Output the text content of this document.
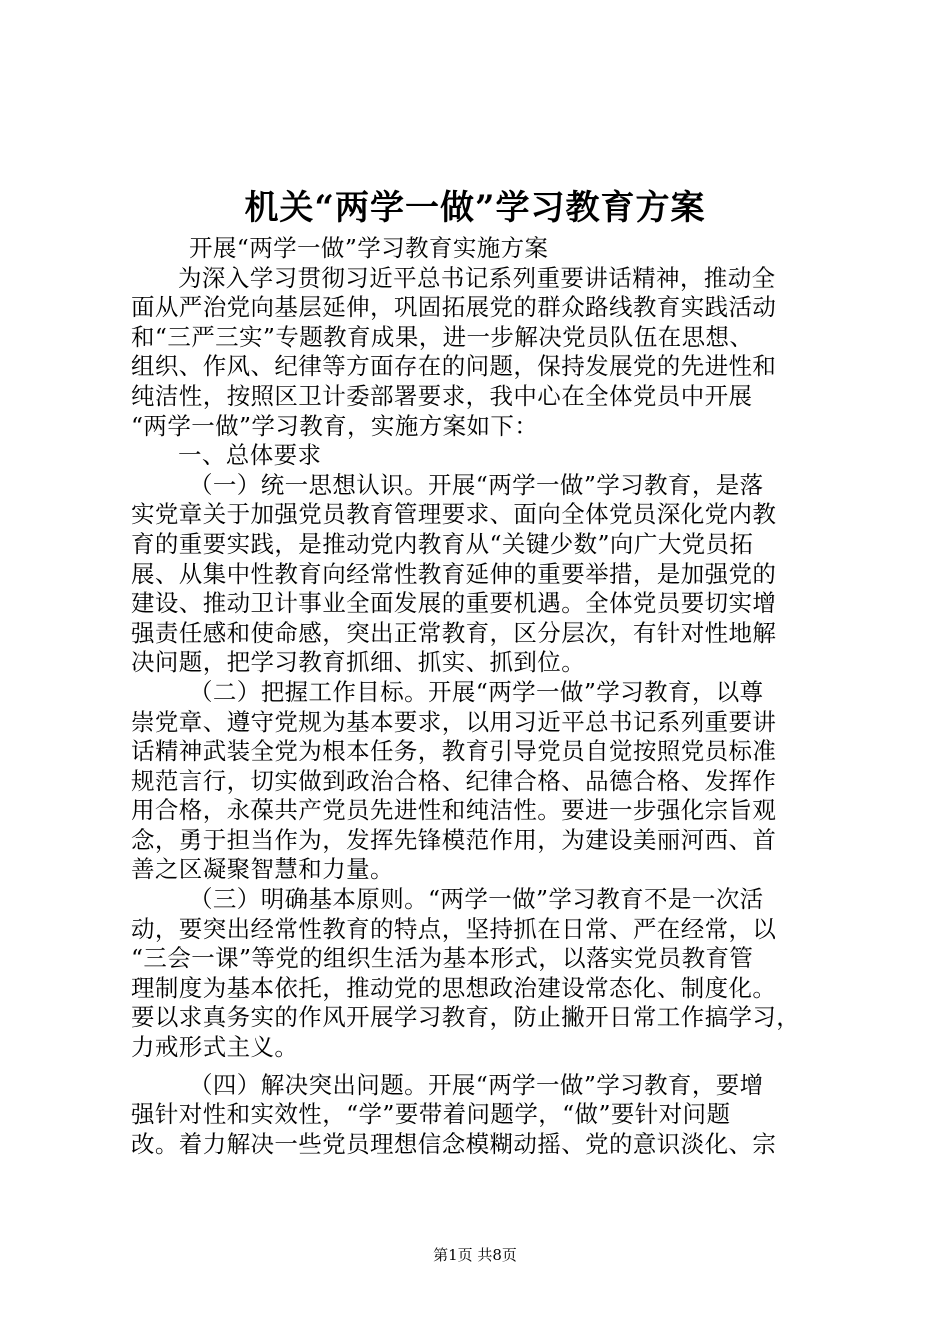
机关“两学一做”学习教育方案
开展“两学一做”学习教育实施方案
为深入学习贯彻习近平总书记系列重要讲话精神，推动全
面从严治党向基层延伸，巩固拓展党的群众路线教育实践活动
和“三严三实”专题教育成果，进一步解决党员队伍在思想、
组织、作风、纪律等方面存在的问题，保持发展党的先进性和
纯洁性，按照区卫计委部署要求，我中心在全体党员中开展
“两学一做”学习教育，实施方案如下：
一、总体要求
（一）统一思想认识。开展“两学一做”学习教育，是落
实党章关于加强党员教育管理要求、面向全体党员深化党内教
育的重要实践，是推动党内教育从“关键少数”向广大党员拓
展、从集中性教育向经常性教育延伸的重要举措，是加强党的
建设、推动卫计事业全面发展的重要机遇。全体党员要切实增
强责任感和使命感，突出正常教育，区分层次，有针对性地解
决问题，把学习教育抓细、抓实、抓到位。
（二）把握工作目标。开展“两学一做”学习教育，以尊
崇党章、遵守党规为基本要求，以用习近平总书记系列重要讲
话精神武装全党为根本任务，教育引导党员自觉按照党员标准
规范言行，切实做到政治合格、纪律合格、品德合格、发挥作
用合格，永葆共产党员先进性和纯洁性。要进一步强化宗旨观
念，勇于担当作为，发挥先锋模范作用，为建设美丽河西、首
善之区凝聚智慧和力量。
（三）明确基本原则。“两学一做”学习教育不是一次活
动，要突出经常性教育的特点，坚持抓在日常、严在经常，以
“三会一课”等党的组织生活为基本形式，以落实党员教育管
理制度为基本依托，推动党的思想政治建设常态化、制度化。
要以求真务实的作风开展学习教育，防止撇开日常工作搞学习，
力戒形式主义。
（四）解决突出问题。开展“两学一做”学习教育，要增
强针对性和实效性，“学”要带着问题学，“做”要针对问题
改。着力解决一些党员理想信念模糊动摇、党的意识淡化、宗
第1页 共8页
